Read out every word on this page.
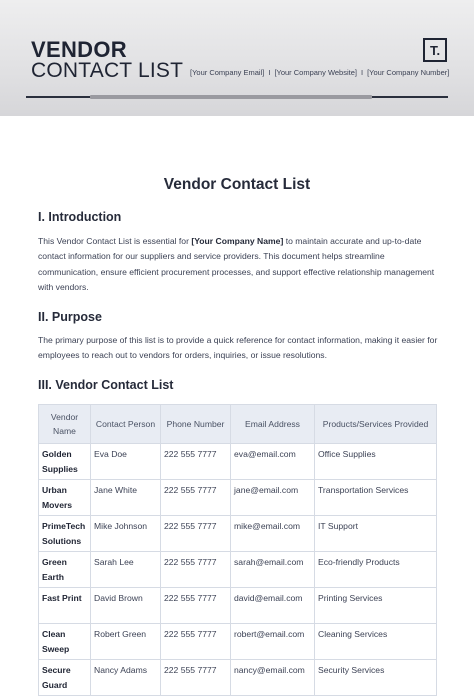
VENDOR
CONTACT LIST [Your Company Email] I [Your Company Website] I [Your Company Number]
T.
Vendor Contact List
I. Introduction
This Vendor Contact List is essential for [Your Company Name] to maintain accurate and up-to-date contact information for our suppliers and service providers. This document helps streamline communication, ensure efficient procurement processes, and support effective relationship management with vendors.
II. Purpose
The primary purpose of this list is to provide a quick reference for contact information, making it easier for employees to reach out to vendors for orders, inquiries, or issue resolutions.
III. Vendor Contact List
Vendor Name	Contact Person	Phone Number	Email Address	Products/Services Provided
Golden Supplies	Eva Doe	222 555 7777	eva@email.com	Office Supplies
Urban Movers	Jane White	222 555 7777	jane@email.com	Transportation Services
PrimeTech Solutions	Mike Johnson	222 555 7777	mike@email.com	IT Support
Green Earth	Sarah Lee	222 555 7777	sarah@email.com	Eco-friendly Products
Fast Print	David Brown	222 555 7777	david@email.com	Printing Services
Clean Sweep	Robert Green	222 555 7777	robert@email.com	Cleaning Services
Secure Guard	Nancy Adams	222 555 7777	nancy@email.com	Security Services
